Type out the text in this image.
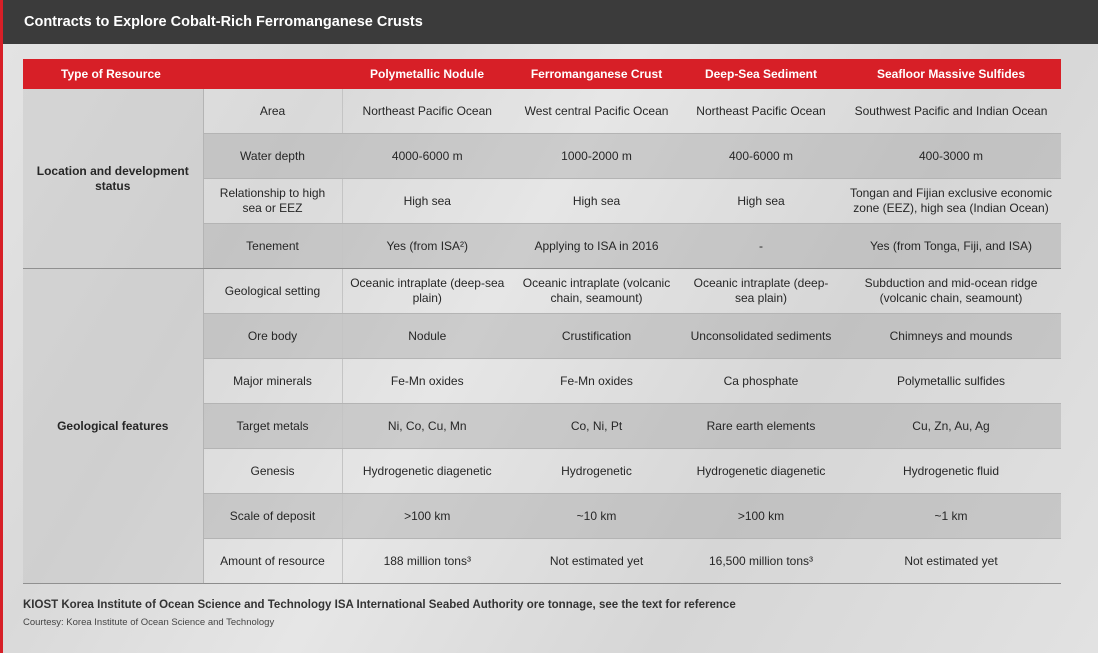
Contracts to Explore Cobalt-Rich Ferromanganese Crusts
Type of Resource		Polymetallic Nodule	Ferromanganese Crust	Deep-Sea Sediment	Seafloor Massive Sulfides
Location and development status	Area	Northeast Pacific Ocean	West central Pacific Ocean	Northeast Pacific Ocean	Southwest Pacific and Indian Ocean
	Water depth	4000-6000 m	1000-2000 m	400-6000 m	400-3000 m
	Relationship to high sea or EEZ	High sea	High sea	High sea	Tongan and Fijian exclusive economic zone (EEZ), high sea (Indian Ocean)
	Tenement	Yes (from ISA²)	Applying to ISA in 2016	-	Yes (from Tonga, Fiji, and ISA)
Geological features	Geological setting	Oceanic intraplate (deep-sea plain)	Oceanic intraplate (volcanic chain, seamount)	Oceanic intraplate (deep-sea plain)	Subduction and mid-ocean ridge (volcanic chain, seamount)
	Ore body	Nodule	Crustification	Unconsolidated sediments	Chimneys and mounds
	Major minerals	Fe-Mn oxides	Fe-Mn oxides	Ca phosphate	Polymetallic sulfides
	Target metals	Ni, Co, Cu, Mn	Co, Ni, Pt	Rare earth elements	Cu, Zn, Au, Ag
	Genesis	Hydrogenetic diagenetic	Hydrogenetic	Hydrogenetic diagenetic	Hydrogenetic fluid
	Scale of deposit	>100 km	~10 km	>100 km	~1 km
	Amount of resource	188 million tons³	Not estimated yet	16,500 million tons³	Not estimated yet
KIOST Korea Institute of Ocean Science and Technology ISA International Seabed Authority ore tonnage, see the text for reference
Courtesy: Korea Institute of Ocean Science and Technology
